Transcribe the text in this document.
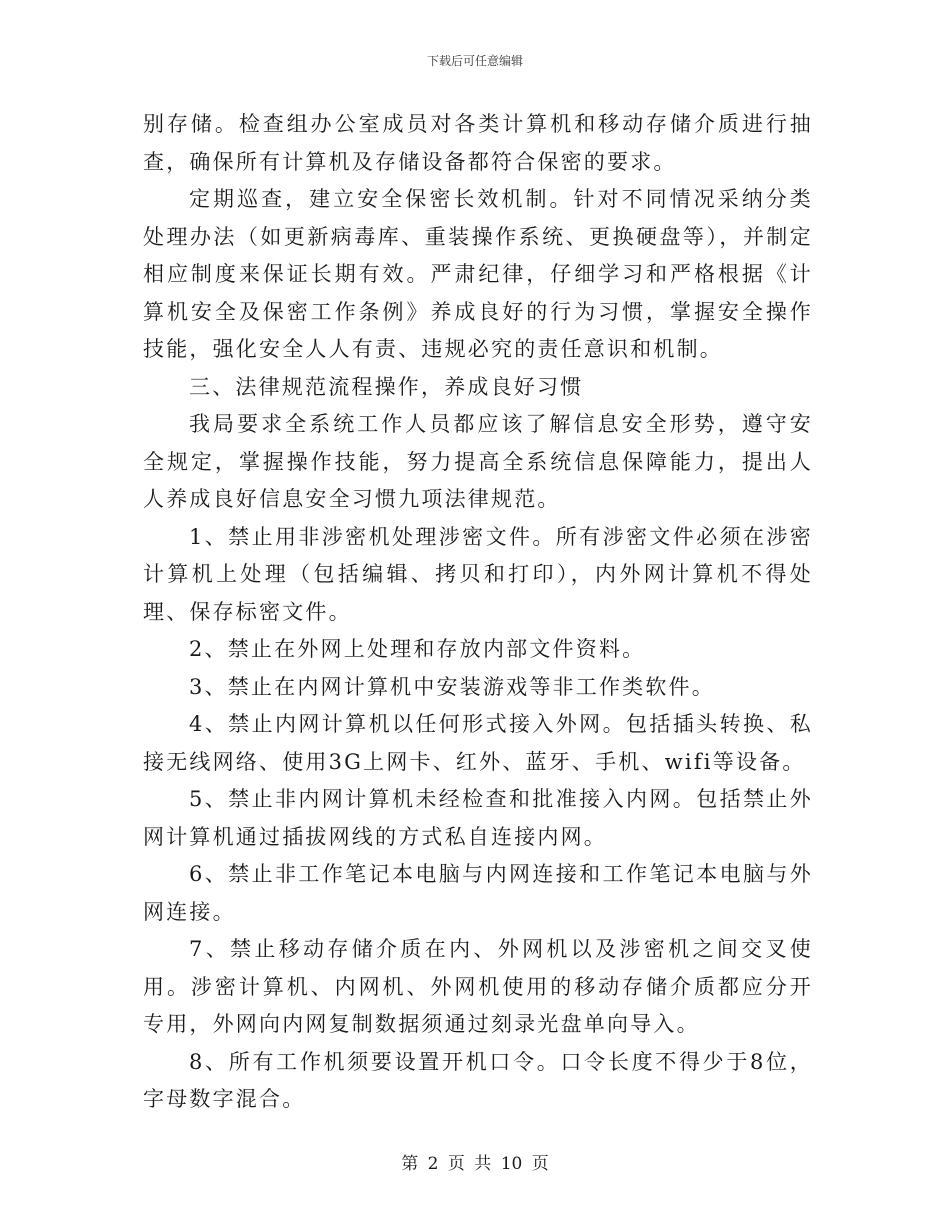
下载后可任意编辑

别存储。检查组办公室成员对各类计算机和移动存储介质进行抽查，确保所有计算机及存储设备都符合保密的要求。

定期巡查，建立安全保密长效机制。针对不同情况采纳分类处理办法（如更新病毒库、重装操作系统、更换硬盘等），并制定相应制度来保证长期有效。严肃纪律，仔细学习和严格根据《计算机安全及保密工作条例》养成良好的行为习惯，掌握安全操作技能，强化安全人人有责、违规必究的责任意识和机制。

三、法律规范流程操作，养成良好习惯

我局要求全系统工作人员都应该了解信息安全形势，遵守安全规定，掌握操作技能，努力提高全系统信息保障能力，提出人人养成良好信息安全习惯九项法律规范。

1、禁止用非涉密机处理涉密文件。所有涉密文件必须在涉密计算机上处理（包括编辑、拷贝和打印），内外网计算机不得处理、保存标密文件。

2、禁止在外网上处理和存放内部文件资料。

3、禁止在内网计算机中安装游戏等非工作类软件。

4、禁止内网计算机以任何形式接入外网。包括插头转换、私接无线网络、使用3G上网卡、红外、蓝牙、手机、wifi等设备。

5、禁止非内网计算机未经检查和批准接入内网。包括禁止外网计算机通过插拔网线的方式私自连接内网。

6、禁止非工作笔记本电脑与内网连接和工作笔记本电脑与外网连接。

7、禁止移动存储介质在内、外网机以及涉密机之间交叉使用。涉密计算机、内网机、外网机使用的移动存储介质都应分开专用，外网向内网复制数据须通过刻录光盘单向导入。

8、所有工作机须要设置开机口令。口令长度不得少于8位，字母数字混合。

第 2 页 共 10 页
